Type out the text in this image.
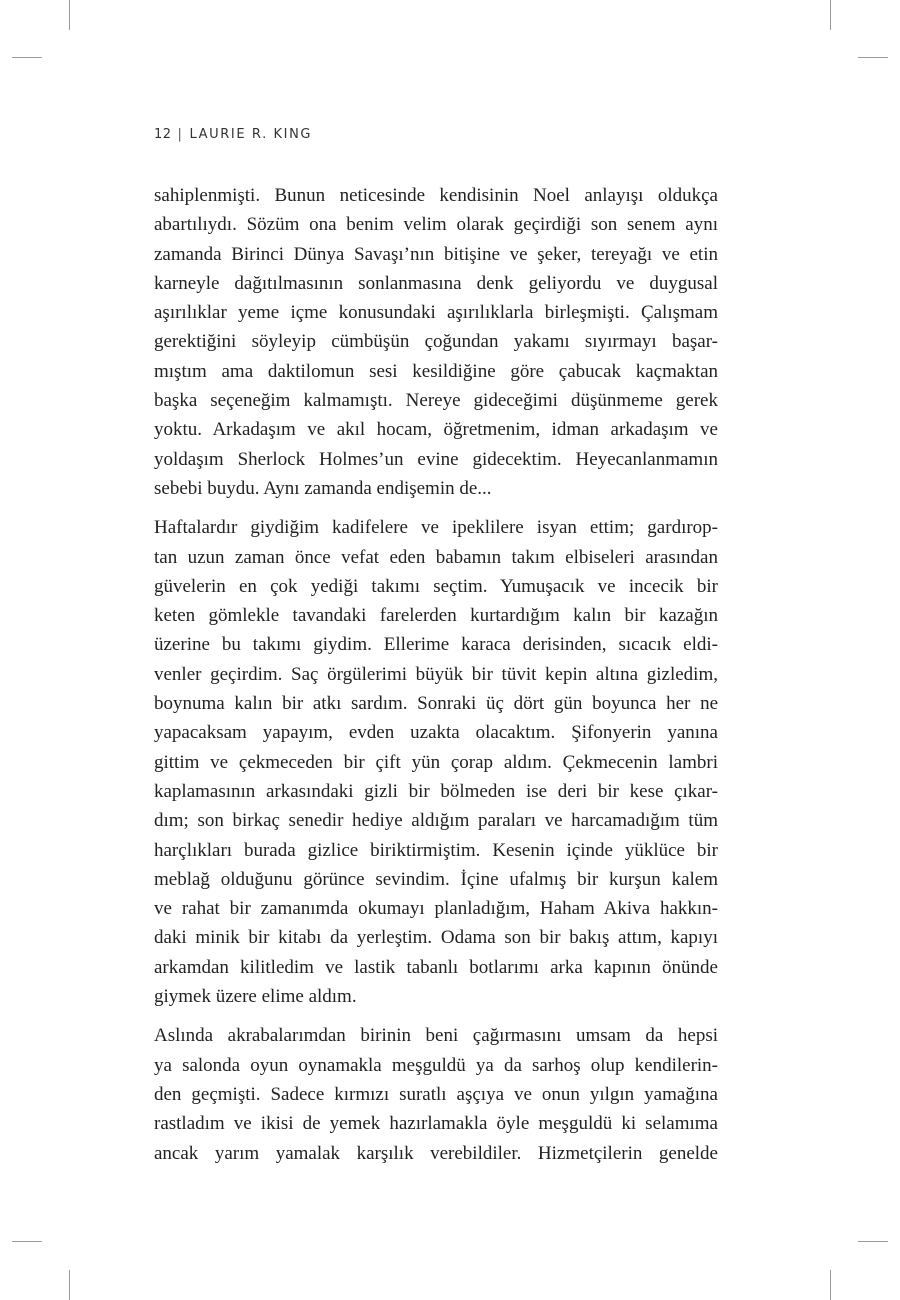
12 | LAURIE R. KING
sahiplenmişti. Bunun neticesinde kendisinin Noel anlayışı oldukça
abartılıydı. Sözüm ona benim velim olarak geçirdiği son senem aynı
zamanda Birinci Dünya Savaşı’nın bitişine ve şeker, tereyağı ve etin
karneyle dağıtılmasının sonlanmasına denk geliyordu ve duygusal
aşırılıklar yeme içme konusundaki aşırılıklarla birleşmişti. Çalışmam
gerektiğini söyleyip cümbüşün çoğundan yakamı sıyırmayı başar-
mıştım ama daktilomun sesi kesildiğine göre çabucak kaçmaktan
başka seçeneğim kalmamıştı. Nereye gideceğimi düşünmeme gerek
yoktu. Arkadaşım ve akıl hocam, öğretmenim, idman arkadaşım ve
yoldaşım Sherlock Holmes’un evine gidecektim. Heyecanlanmamın
sebebi buydu. Aynı zamanda endişemin de...
Haftalardır giydiğim kadifelere ve ipeklilere isyan ettim; gardırop-
tan uzun zaman önce vefat eden babamın takım elbiseleri arasından
güvelerin en çok yediği takımı seçtim. Yumuşacık ve incecik bir
keten gömlekle tavandaki farelerden kurtardığım kalın bir kazağın
üzerine bu takımı giydim. Ellerime karaca derisinden, sıcacık eldi-
venler geçirdim. Saç örgülerimi büyük bir tüvit kepin altına gizledim,
boynuma kalın bir atkı sardım. Sonraki üç dört gün boyunca her ne
yapacaksam yapayım, evden uzakta olacaktım. Şifonyerin yanına
gittim ve çekmeceden bir çift yün çorap aldım. Çekmecenin lambri
kaplamasının arkasındaki gizli bir bölmeden ise deri bir kese çıkar-
dım; son birkaç senedir hediye aldığım paraları ve harcamadığım tüm
harçlıkları burada gizlice biriktirmiştim. Kesenin içinde yüklüce bir
meblağ olduğunu görünce sevindim. İçine ufalmış bir kurşun kalem
ve rahat bir zamanımda okumayı planladığım, Haham Akiva hakkın-
daki minik bir kitabı da yerleştim. Odama son bir bakış attım, kapıyı
arkamdan kilitledim ve lastik tabanlı botlarımı arka kapının önünde
giymek üzere elime aldım.
Aslında akrabalarımdan birinin beni çağırmasını umsam da hepsi
ya salonda oyun oynamakla meşguldü ya da sarhoş olup kendilerin-
den geçmişti. Sadece kırmızı suratlı aşçıya ve onun yılgın yamağına
rastladım ve ikisi de yemek hazırlamakla öyle meşguldü ki selamıma
ancak yarım yamalak karşılık verebildiler. Hizmetçilerin genelde
